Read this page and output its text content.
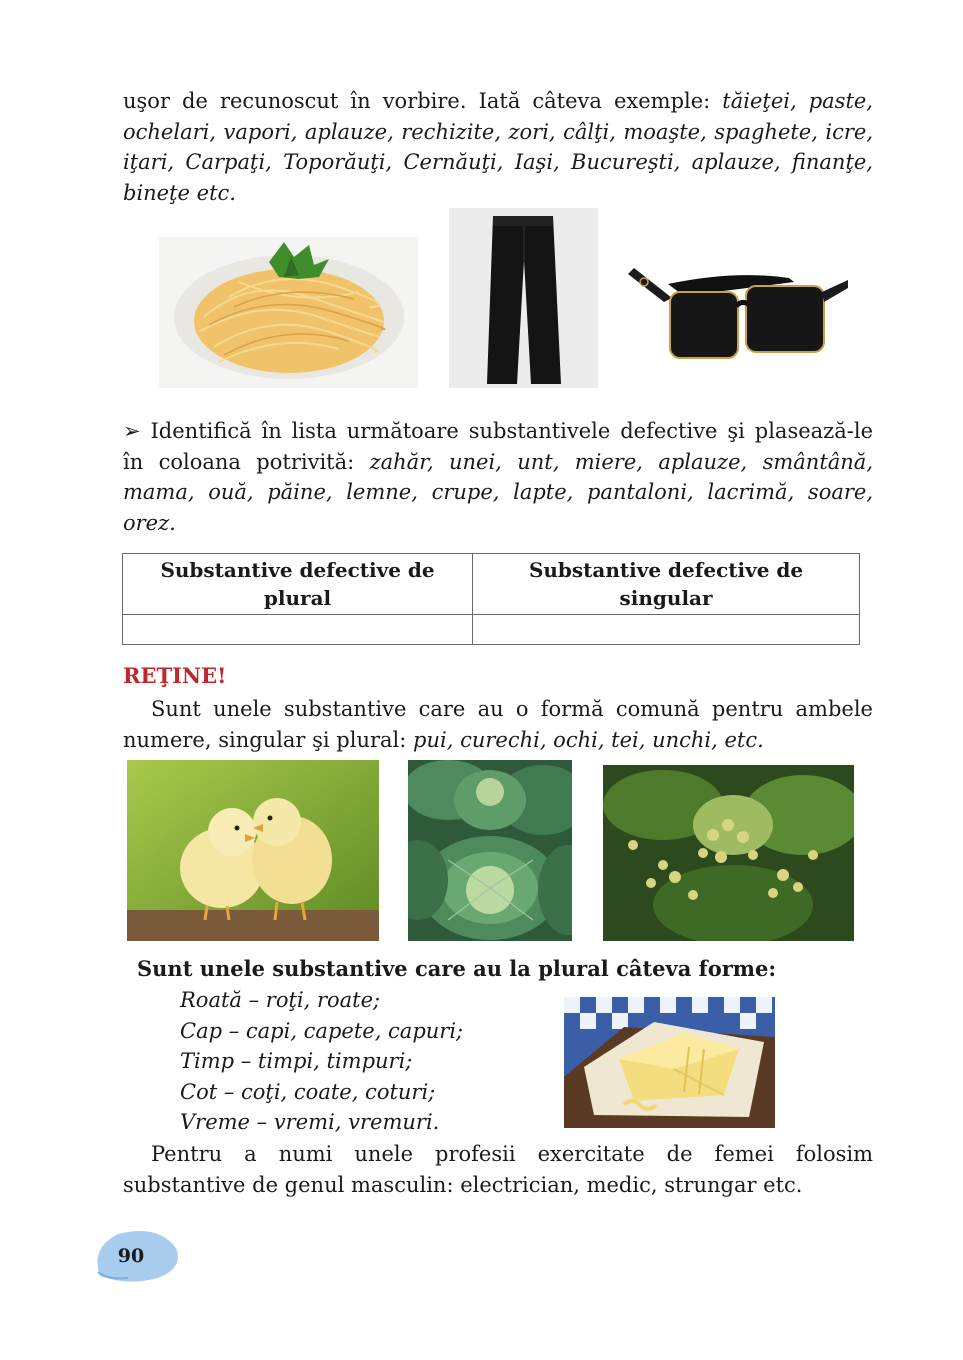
uşor de recunoscut în vorbire. Iată câteva exemple: tăieţei, paste, ochelari, vapori, aplauze, rechizite, zori, câlţi, moaşte, spaghete, icre, iţari, Carpaţi, Toporăuţi, Cernăuţi, Iaşi, Bucureşti, aplauze, finanţe, bineţe etc.

➢ Identifică în lista următoare substantivele defective şi plasează-le în coloana potrivită: zahăr, unei, unt, miere, aplauze, smântână, mama, ouă, păine, lemne, crupe, lapte, pantaloni, lacrimă, soare, orez.

Substantive defective de plural	Substantive defective de singular

REŢINE!

Sunt unele substantive care au o formă comună pentru ambele numere, singular şi plural: pui, curechi, ochi, tei, unchi, etc.

Sunt unele substantive care au la plural câteva forme:
Roată – roţi, roate;
Cap – capi, capete, capuri;
Timp – timpi, timpuri;
Cot – coţi, coate, coturi;
Vreme – vremi, vremuri.

Pentru a numi unele profesii exercitate de femei folosim substantive de genul masculin: electrician, medic, strungar etc.

90
